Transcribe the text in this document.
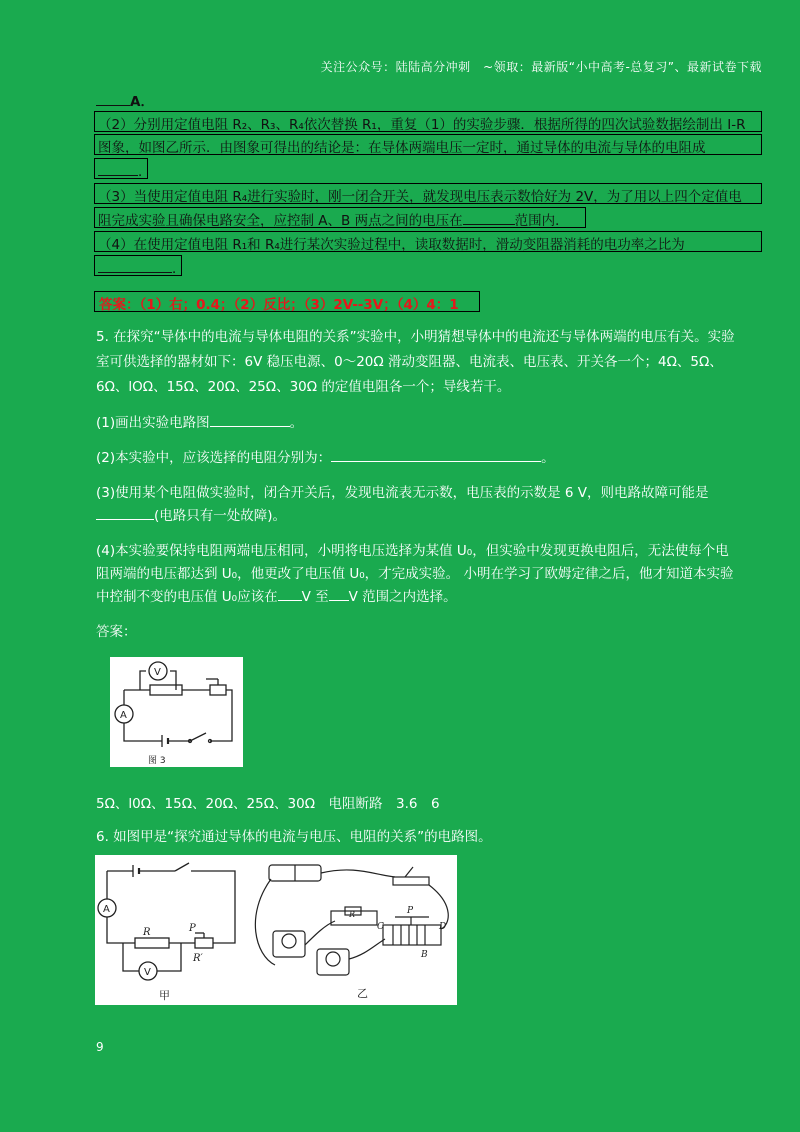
关注公众号：陆陆高分冲刺　~领取：最新版“小中高考-总复习”、最新试卷下载
A．
（2）分别用定值电阻 R₂、R₃、R₄依次替换 R₁，重复（1）的实验步骤．根据所得的四次试验数据绘制出 I-R
图象，如图乙所示．由图象可得出的结论是：在导体两端电压一定时，通过导体的电流与导体的电阻成
．
（3）当使用定值电阻 R₄进行实验时，刚一闭合开关，就发现电压表示数恰好为 2V，为了用以上四个定值电
阻完成实验且确保电路安全，应控制 A、B 两点之间的电压在	范围内．
（4）在使用定值电阻 R₁和 R₄进行某次实验过程中，读取数据时，滑动变阻器消耗的电功率之比为
．
答案：（1）右；0.4；（2）反比；（3）2V--3V；（4）4：1
5. 在探究“导体中的电流与导体电阻的关系”实验中，小明猜想导体中的电流还与导体两端的电压有关。实验
室可供选择的器材如下：6V 稳压电源、0～20Ω 滑动变阻器、电流表、电压表、开关各一个；4Ω、5Ω、
6Ω、lOΩ、15Ω、20Ω、25Ω、30Ω 的定值电阻各一个；导线若干。
(1)画出实验电路图	。
(2)本实验中，应该选择的电阻分别为：	。
(3)使用某个电阻做实验时，闭合开关后，发现电流表无示数，电压表的示数是 6 V，则电路故障可能是
(电路只有一处故障)。
(4)本实验要保持电阻两端电压相同，小明将电压选择为某值 U₀，但实验中发现更换电阻后，无法使每个电
阻两端的电压都达到 U₀，他更改了电压值 U₀，才完成实验。 小明在学习了欧姆定律之后，他才知道本实验
中控制不变的电压值 U₀应该在 V 至 V 范围之内选择。
答案：
V
A
图 3
5Ω、l0Ω、15Ω、20Ω、25Ω、30Ω　电阻断路　3.6　6
6. 如图甲是“探究通过导体的电流与电压、电阻的关系”的电路图。
A
V
R	P
R′
甲
P
C	D
B
R
乙
9
